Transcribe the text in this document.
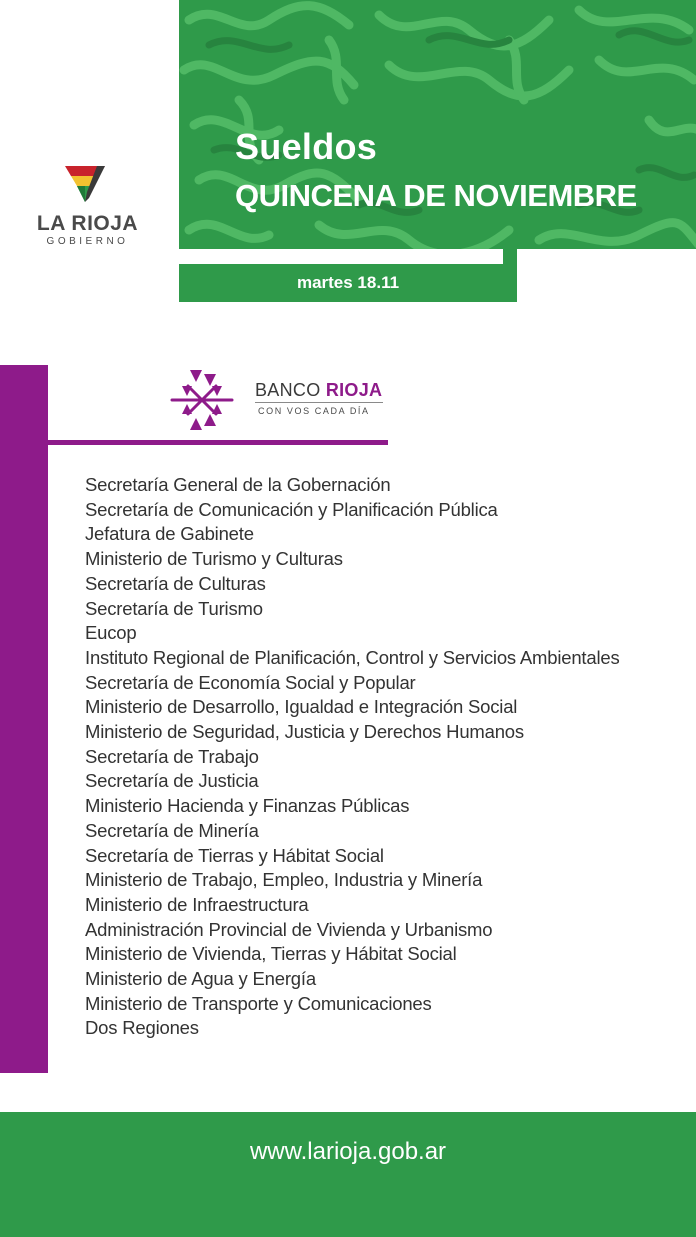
LA RIOJA
GOBIERNO
Sueldos
QUINCENA DE NOVIEMBRE
martes 18.11
BANCO RIOJA
CON VOS CADA DÍA
Secretaría General de la Gobernación
Secretaría de Comunicación y Planificación Pública
Jefatura de Gabinete
Ministerio de Turismo y Culturas
Secretaría de Culturas
Secretaría de Turismo
Eucop
Instituto Regional de Planificación, Control y Servicios Ambientales
Secretaría de Economía Social y Popular
Ministerio de Desarrollo, Igualdad e Integración Social
Ministerio de Seguridad, Justicia y Derechos Humanos
Secretaría de Trabajo
Secretaría de Justicia
Ministerio Hacienda y Finanzas Públicas
Secretaría de Minería
Secretaría de Tierras y Hábitat Social
Ministerio de Trabajo, Empleo, Industria y Minería
Ministerio de Infraestructura
Administración Provincial de Vivienda y Urbanismo
Ministerio de Vivienda, Tierras y Hábitat Social
Ministerio de Agua y Energía
Ministerio de Transporte y Comunicaciones
Dos Regiones
www.larioja.gob.ar
